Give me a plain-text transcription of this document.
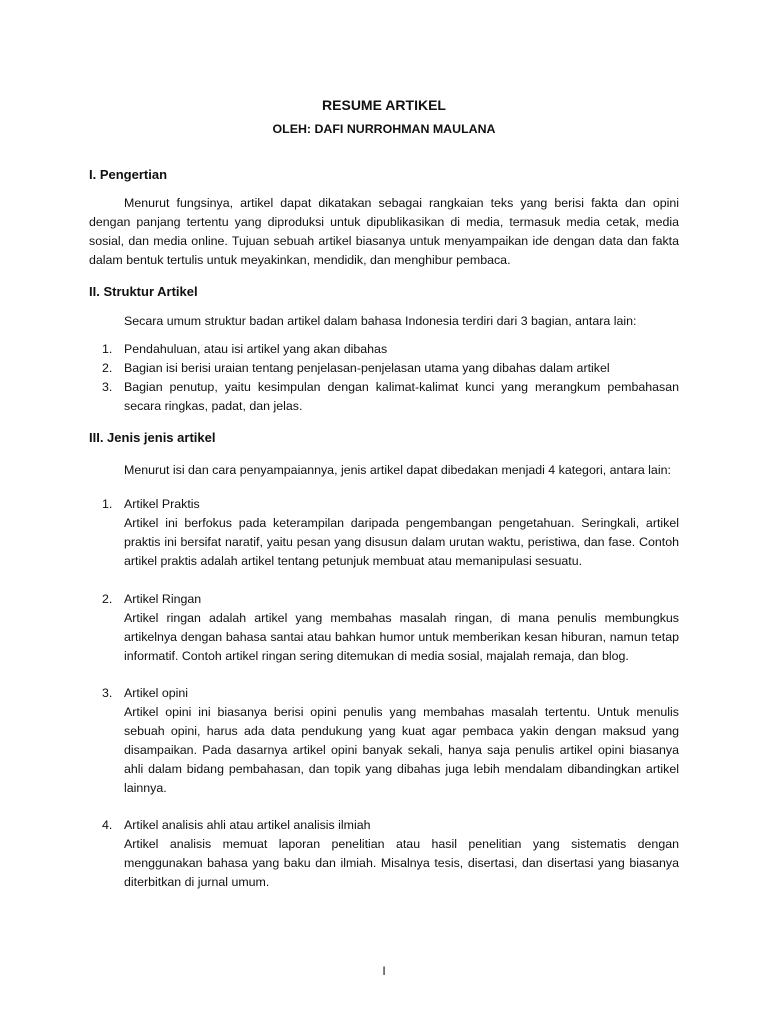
RESUME ARTIKEL
OLEH: DAFI NURROHMAN MAULANA
I. Pengertian

Menurut fungsinya, artikel dapat dikatakan sebagai rangkaian teks yang berisi fakta dan opini dengan panjang tertentu yang diproduksi untuk dipublikasikan di media, termasuk media cetak, media sosial, dan media online. Tujuan sebuah artikel biasanya untuk menyampaikan ide dengan data dan fakta dalam bentuk tertulis untuk meyakinkan, mendidik, dan menghibur pembaca.

II. Struktur Artikel

Secara umum struktur badan artikel dalam bahasa Indonesia terdiri dari 3 bagian, antara lain:

1. Pendahuluan, atau isi artikel yang akan dibahas
2. Bagian isi berisi uraian tentang penjelasan-penjelasan utama yang dibahas dalam artikel
3. Bagian penutup, yaitu kesimpulan dengan kalimat-kalimat kunci yang merangkum pembahasan secara ringkas, padat, dan jelas.
III. Jenis jenis artikel

Menurut isi dan cara penyampaiannya, jenis artikel dapat dibedakan menjadi 4 kategori, antara lain:

1. Artikel Praktis

Artikel ini berfokus pada keterampilan daripada pengembangan pengetahuan. Seringkali, artikel praktis ini bersifat naratif, yaitu pesan yang disusun dalam urutan waktu, peristiwa, dan fase. Contoh artikel praktis adalah artikel tentang petunjuk membuat atau memanipulasi sesuatu.

2. Artikel Ringan

Artikel ringan adalah artikel yang membahas masalah ringan, di mana penulis membungkus artikelnya dengan bahasa santai atau bahkan humor untuk memberikan kesan hiburan, namun tetap informatif. Contoh artikel ringan sering ditemukan di media sosial, majalah remaja, dan blog.

3. Artikel opini

Artikel opini ini biasanya berisi opini penulis yang membahas masalah tertentu. Untuk menulis sebuah opini, harus ada data pendukung yang kuat agar pembaca yakin dengan maksud yang disampaikan. Pada dasarnya artikel opini banyak sekali, hanya saja penulis artikel opini biasanya ahli dalam bidang pembahasan, dan topik yang dibahas juga lebih mendalam dibandingkan artikel lainnya.

4. Artikel analisis ahli atau artikel analisis ilmiah

Artikel analisis memuat laporan penelitian atau hasil penelitian yang sistematis dengan menggunakan bahasa yang baku dan ilmiah. Misalnya tesis, disertasi, dan disertasi yang biasanya diterbitkan di jurnal umum.

I
